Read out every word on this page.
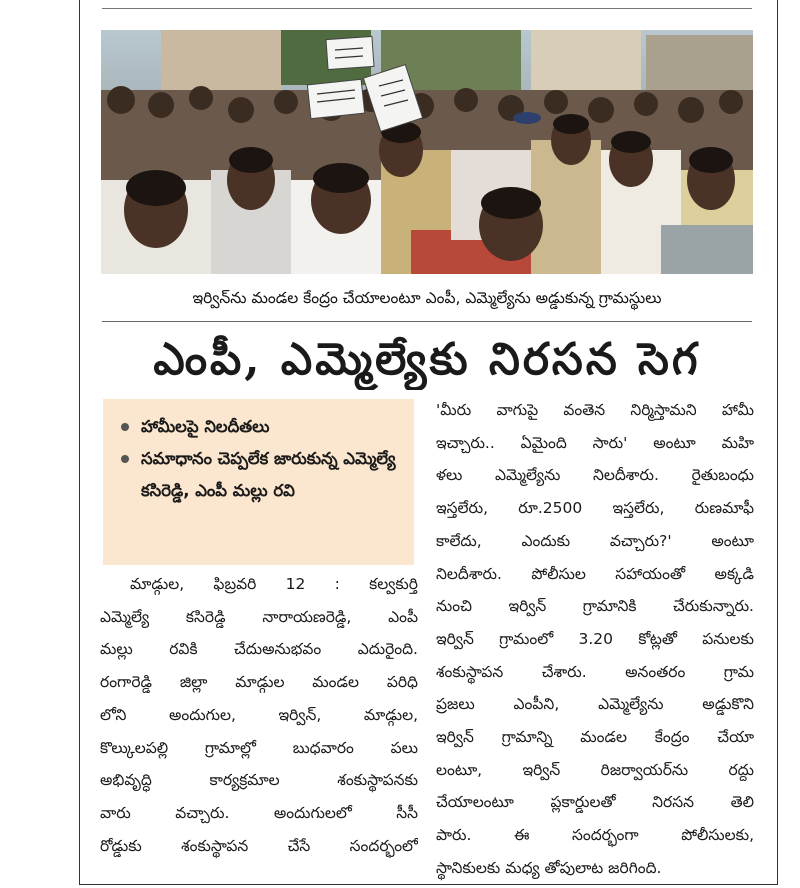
ఇర్విన్‌ను మండల కేంద్రం చేయాలంటూ ఎంపీ, ఎమ్మెల్యేను అడ్డుకున్న గ్రామస్థులు
ఎంపీ, ఎమ్మెల్యేకు నిరసన సెగ
హామీలపై నిలదీతలు
సమాధానం చెప్పలేక జారుకున్న ఎమ్మెల్యే కసిరెడ్డి, ఎంపీ మల్లు రవి
మాడ్గుల, ఫిబ్రవరి 12 : కల్వకుర్తి
ఎమ్మెల్యే కసిరెడ్డి నారాయణరెడ్డి, ఎంపీ
మల్లు రవికి చేదుఅనుభవం ఎదురైంది.
రంగారెడ్డి జిల్లా మాడ్గుల మండల పరిధి
లోని అందుగుల, ఇర్విన్, మాడ్గుల,
కొల్కులపల్లి గ్రామాల్లో బుధవారం పలు
అభివృద్ధి కార్యక్రమాల శంకుస్థాపనకు
వారు వచ్చారు. అందుగులలో సీసీ
రోడ్డుకు శంకుస్థాపన చేసే సందర్భంలో
'మీరు వాగుపై వంతెన నిర్మిస్తామని హామీ
ఇచ్చారు.. ఏమైంది సారు' అంటూ మహి
ళలు ఎమ్మెల్యేను నిలదీశారు. రైతుబంధు
ఇస్తలేరు, రూ.2500 ఇస్తలేరు, రుణమాఫీ
కాలేదు, ఎందుకు వచ్చారు?' అంటూ
నిలదీశారు. పోలీసుల సహాయంతో అక్కడి
నుంచి ఇర్విన్ గ్రామానికి చేరుకున్నారు.
ఇర్విన్ గ్రామంలో 3.20 కోట్లతో పనులకు
శంకుస్థాపన చేశారు. అనంతరం గ్రామ
ప్రజలు ఎంపీని, ఎమ్మెల్యేను అడ్డుకొని
ఇర్విన్ గ్రామాన్ని మండల కేంద్రం చేయా
లంటూ, ఇర్విన్ రిజర్వాయర్‌ను రద్దు
చేయాలంటూ ప్లకార్డులతో నిరసన తెలి
పారు. ఈ సందర్భంగా పోలీసులకు,
స్థానికులకు మధ్య తోపులాట జరిగింది.
